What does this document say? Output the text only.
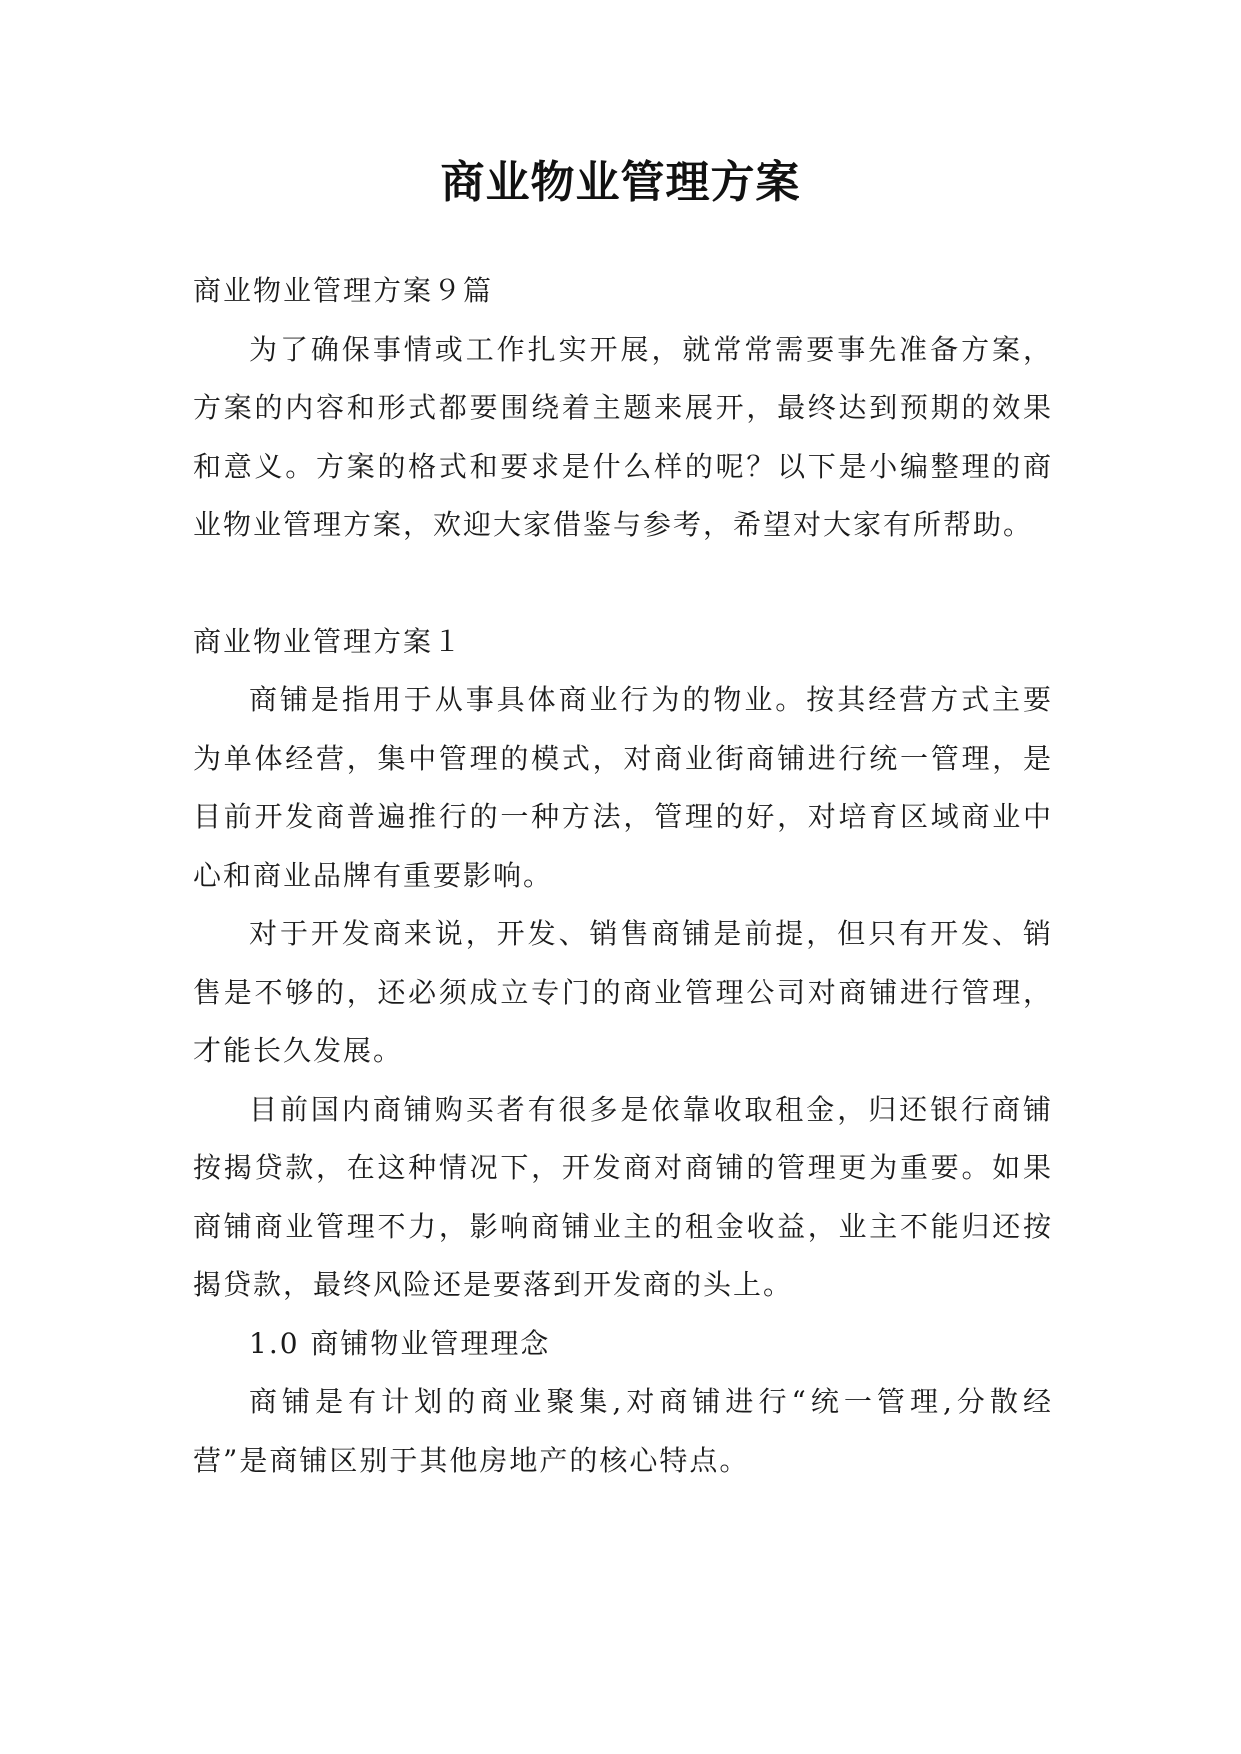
商业物业管理方案

商业物业管理方案９篇

为了确保事情或工作扎实开展，就常常需要事先准备方案，方案的内容和形式都要围绕着主题来展开，最终达到预期的效果和意义。方案的格式和要求是什么样的呢？以下是小编整理的商业物业管理方案，欢迎大家借鉴与参考，希望对大家有所帮助。

商业物业管理方案１

商铺是指用于从事具体商业行为的物业。按其经营方式主要为单体经营，集中管理的模式，对商业街商铺进行统一管理，是目前开发商普遍推行的一种方法，管理的好，对培育区域商业中心和商业品牌有重要影响。

对于开发商来说，开发、销售商铺是前提，但只有开发、销售是不够的，还必须成立专门的商业管理公司对商铺进行管理，才能长久发展。

目前国内商铺购买者有很多是依靠收取租金，归还银行商铺按揭贷款，在这种情况下，开发商对商铺的管理更为重要。如果商铺商业管理不力，影响商铺业主的租金收益，业主不能归还按揭贷款，最终风险还是要落到开发商的头上。

1.0 商铺物业管理理念

商铺是有计划的商业聚集,对商铺进行“统一管理,分散经营”是商铺区别于其他房地产的核心特点。
